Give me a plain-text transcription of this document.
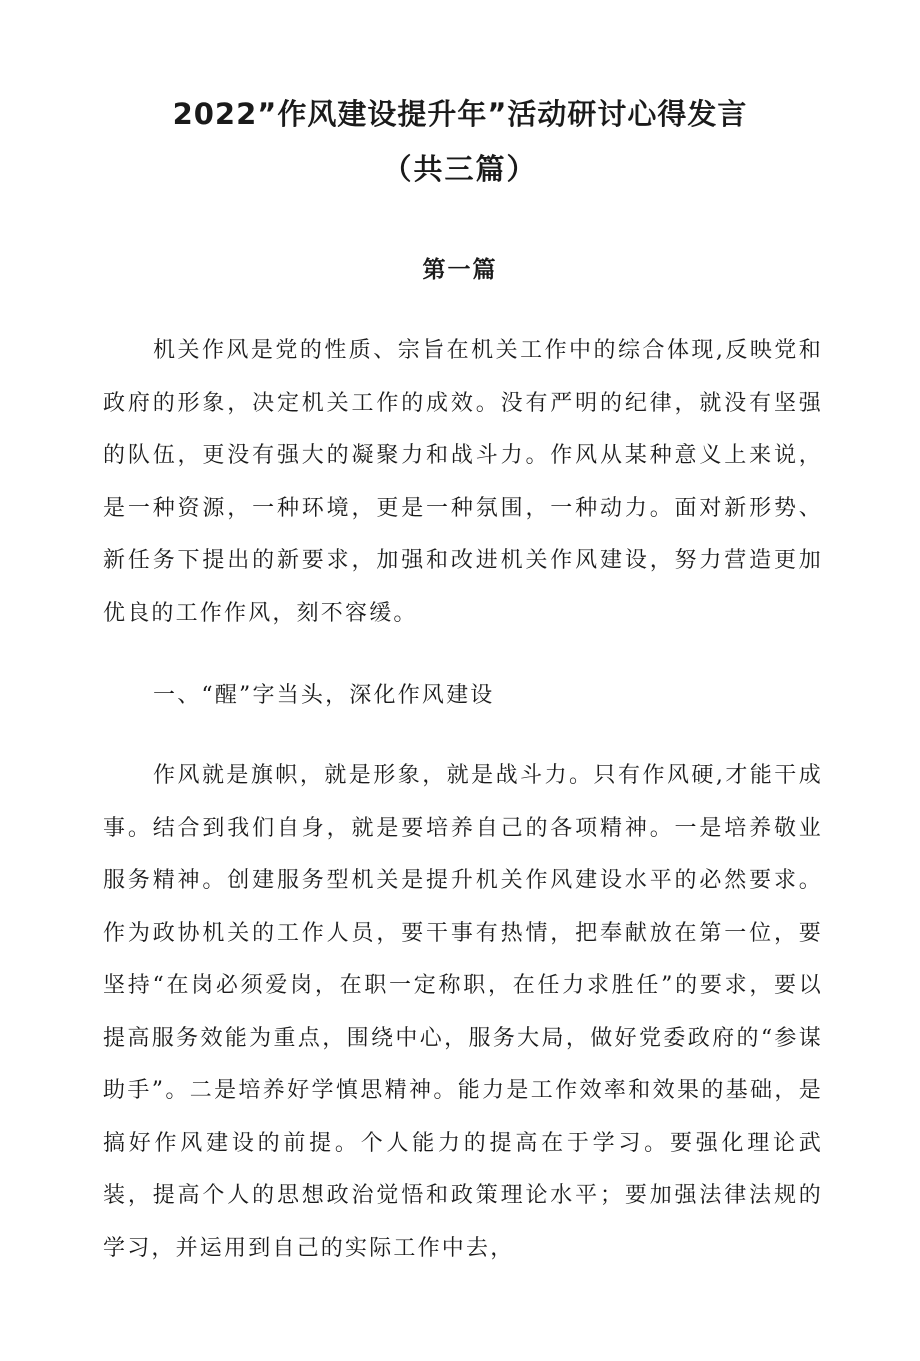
2022”作风建设提升年”活动研讨心得发言
（共三篇）
第一篇

机关作风是党的性质、宗旨在机关工作中的综合体现,反映党和政府的形象，决定机关工作的成效。没有严明的纪律，就没有坚强的队伍，更没有强大的凝聚力和战斗力。作风从某种意义上来说，是一种资源，一种环境，更是一种氛围，一种动力。面对新形势、新任务下提出的新要求，加强和改进机关作风建设，努力营造更加优良的工作作风，刻不容缓。

一、“醒”字当头，深化作风建设

作风就是旗帜，就是形象，就是战斗力。只有作风硬,才能干成事。结合到我们自身，就是要培养自己的各项精神。一是培养敬业服务精神。创建服务型机关是提升机关作风建设水平的必然要求。作为政协机关的工作人员，要干事有热情，把奉献放在第一位，要坚持“在岗必须爱岗，在职一定称职，在任力求胜任”的要求，要以提高服务效能为重点，围绕中心，服务大局，做好党委政府的“参谋助手”。二是培养好学慎思精神。能力是工作效率和效果的基础，是搞好作风建设的前提。个人能力的提高在于学习。要强化理论武装，提高个人的思想政治觉悟和政策理论水平；要加强法律法规的学习，并运用到自己的实际工作中去，
